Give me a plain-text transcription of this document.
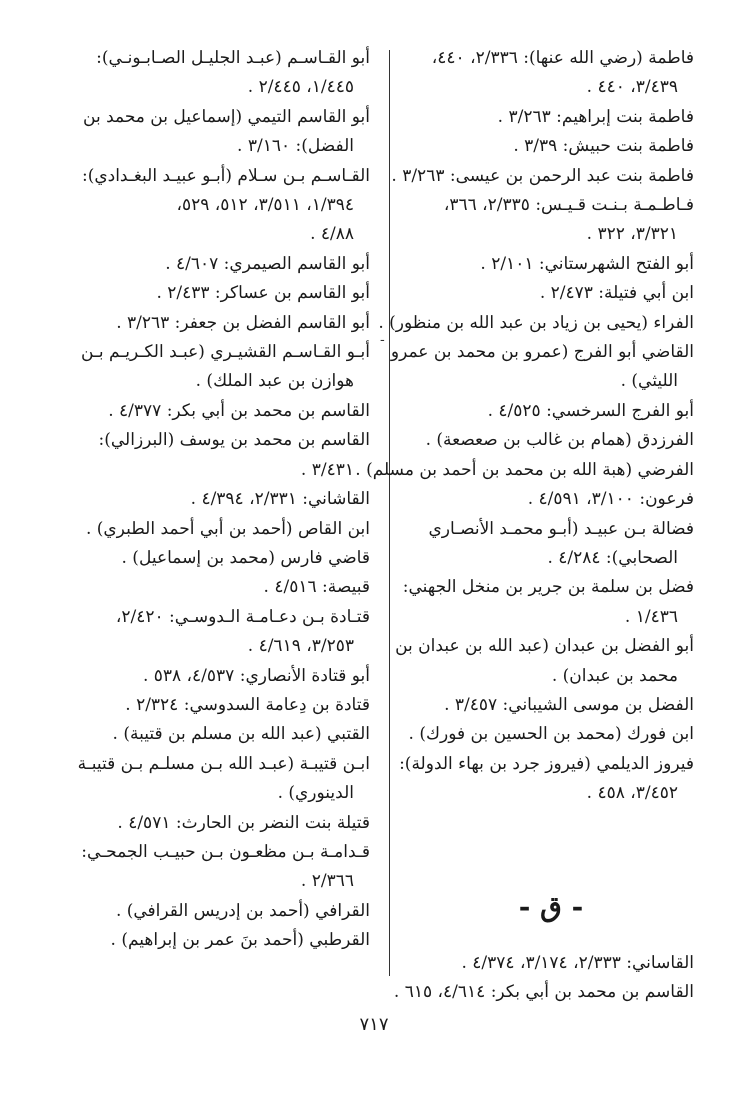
-
فاطمة (رضي الله عنها): ٢/٣٣٦، ٤٤٠،
٣/٤٣٩، ٤٤٠ .
فاطمة بنت إبراهيم: ٣/٢٦٣ .
فاطمة بنت حبيش: ٣/٣٩ .
فاطمة بنت عبد الرحمن بن عيسى: ٣/٢٦٣ .
فـاطـمـة بـنـت قـيـس: ٢/٣٣٥، ٣٦٦،
٣/٣٢١، ٣٢٢ .
أبو الفتح الشهرستاني: ٢/١٠١ .
ابن أبي فتيلة: ٢/٤٧٣ .
الفراء (يحيى بن زياد بن عبد الله بن منظور) .
القاضي أبو الفرج (عمرو بن محمد بن عمرو
الليثي) .
أبو الفرج السرخسي: ٤/٥٢٥ .
الفرزدق (همام بن غالب بن صعصعة) .
الفرضي (هبة الله بن محمد بن أحمد بن مسلم) .
فرعون: ٣/١٠٠، ٤/٥٩١ .
فضالة بـن عبيـد (أبـو محمـد الأنصـاري
الصحابي): ٤/٢٨٤ .
فضل بن سلمة بن جرير بن منخل الجهني:
١/٤٣٦ .
أبو الفضل بن عبدان (عبد الله بن عبدان بن
محمد بن عبدان) .
الفضل بن موسى الشيباني: ٣/٤٥٧ .
ابن فورك (محمد بن الحسين بن فورك) .
فيروز الديلمي (فيروز جرد بن بهاء الدولة):
٣/٤٥٢، ٤٥٨ .
- ق -
القاساني: ٢/٣٣٣، ٣/١٧٤، ٤/٣٧٤ .
القاسم بن محمد بن أبي بكر: ٤/٦١٤، ٦١٥ .
أبو القـاسـم (عبـد الجليـل الصـابـونـي):
١/٤٤٥، ٢/٤٤٥ .
أبو القاسم التيمي (إسماعيل بن محمد بن
الفضل): ٣/١٦٠ .
القـاسـم بـن سـلام (أبـو عبيـد البغـدادي):
١/٣٩٤، ٣/٥١١، ٥١٢، ٥٢٩،
٤/٨٨ .
أبو القاسم الصيمري: ٤/٦٠٧ .
أبو القاسم بن عساكر: ٢/٤٣٣ .
أبو القاسم الفضل بن جعفر: ٣/٢٦٣ .
أبـو القـاسـم القشيـري (عبـد الكـريـم بـن
هوازن بن عبد الملك) .
القاسم بن محمد بن أبي بكر: ٤/٣٧٧ .
القاسم بن محمد بن يوسف (البرزالي):
٣/٤٣١ .
القاشاني: ٢/٣٣١، ٤/٣٩٤ .
ابن القاص (أحمد بن أبي أحمد الطبري) .
قاضي فارس (محمد بن إسماعيل) .
قبيصة: ٤/٥١٦ .
قتـادة بـن دعـامـة الـدوسـي: ٢/٤٢٠،
٣/٢٥٣، ٤/٦١٩ .
أبو قتادة الأنصاري: ٤/٥٣٧، ٥٣٨ .
قتادة بن دِعامة السدوسي: ٢/٣٢٤ .
القتبي (عبد الله بن مسلم بن قتيبة) .
ابـن قتيبـة (عبـد الله بـن مسلـم بـن قتيبـة
الدينوري) .
قتيلة بنت النضر بن الحارث: ٤/٥٧١ .
قـدامـة بـن مظعـون بـن حبيـب الجمحـي:
٢/٣٦٦ .
القرافي (أحمد بن إدريس القرافي) .
القرطبي (أحمد بنَ عمر بن إبراهيم) .
٧١٧
